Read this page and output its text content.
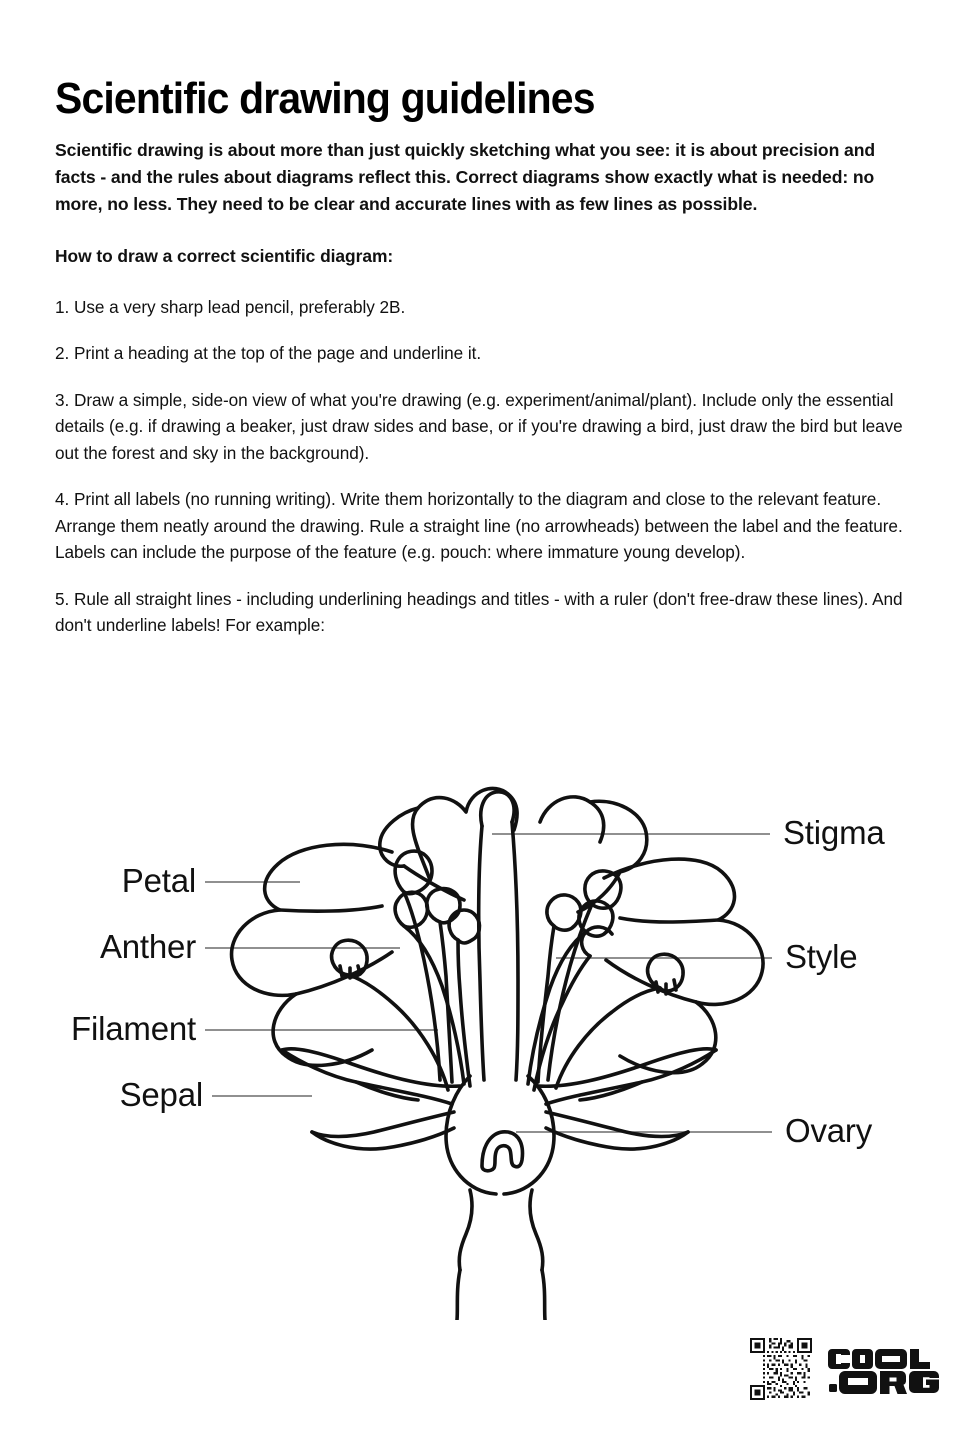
Scientific drawing guidelines

Scientific drawing is about more than just quickly sketching what you see: it is about precision and facts - and the rules about diagrams reflect this. Correct diagrams show exactly what is needed: no more, no less. They need to be clear and accurate lines with as few lines as possible.

How to draw a correct scientific diagram:

1. Use a very sharp lead pencil, preferably 2B.

2. Print a heading at the top of the page and underline it.

3. Draw a simple, side-on view of what you're drawing (e.g. experiment/animal/plant). Include only the essential details (e.g. if drawing a beaker, just draw sides and base, or if you're drawing a bird, just draw the bird but leave out the forest and sky in the background).

4. Print all labels (no running writing). Write them horizontally to the diagram and close to the relevant feature. Arrange them neatly around the drawing. Rule a straight line (no arrowheads) between the label and the feature. Labels can include the purpose of the feature (e.g. pouch: where immature young develop).

5. Rule all straight lines - including underlining headings and titles - with a ruler (don't free-draw these lines). And don't underline labels! For example:

Petal
Anther
Filament
Sepal
Stigma
Style
Ovary
